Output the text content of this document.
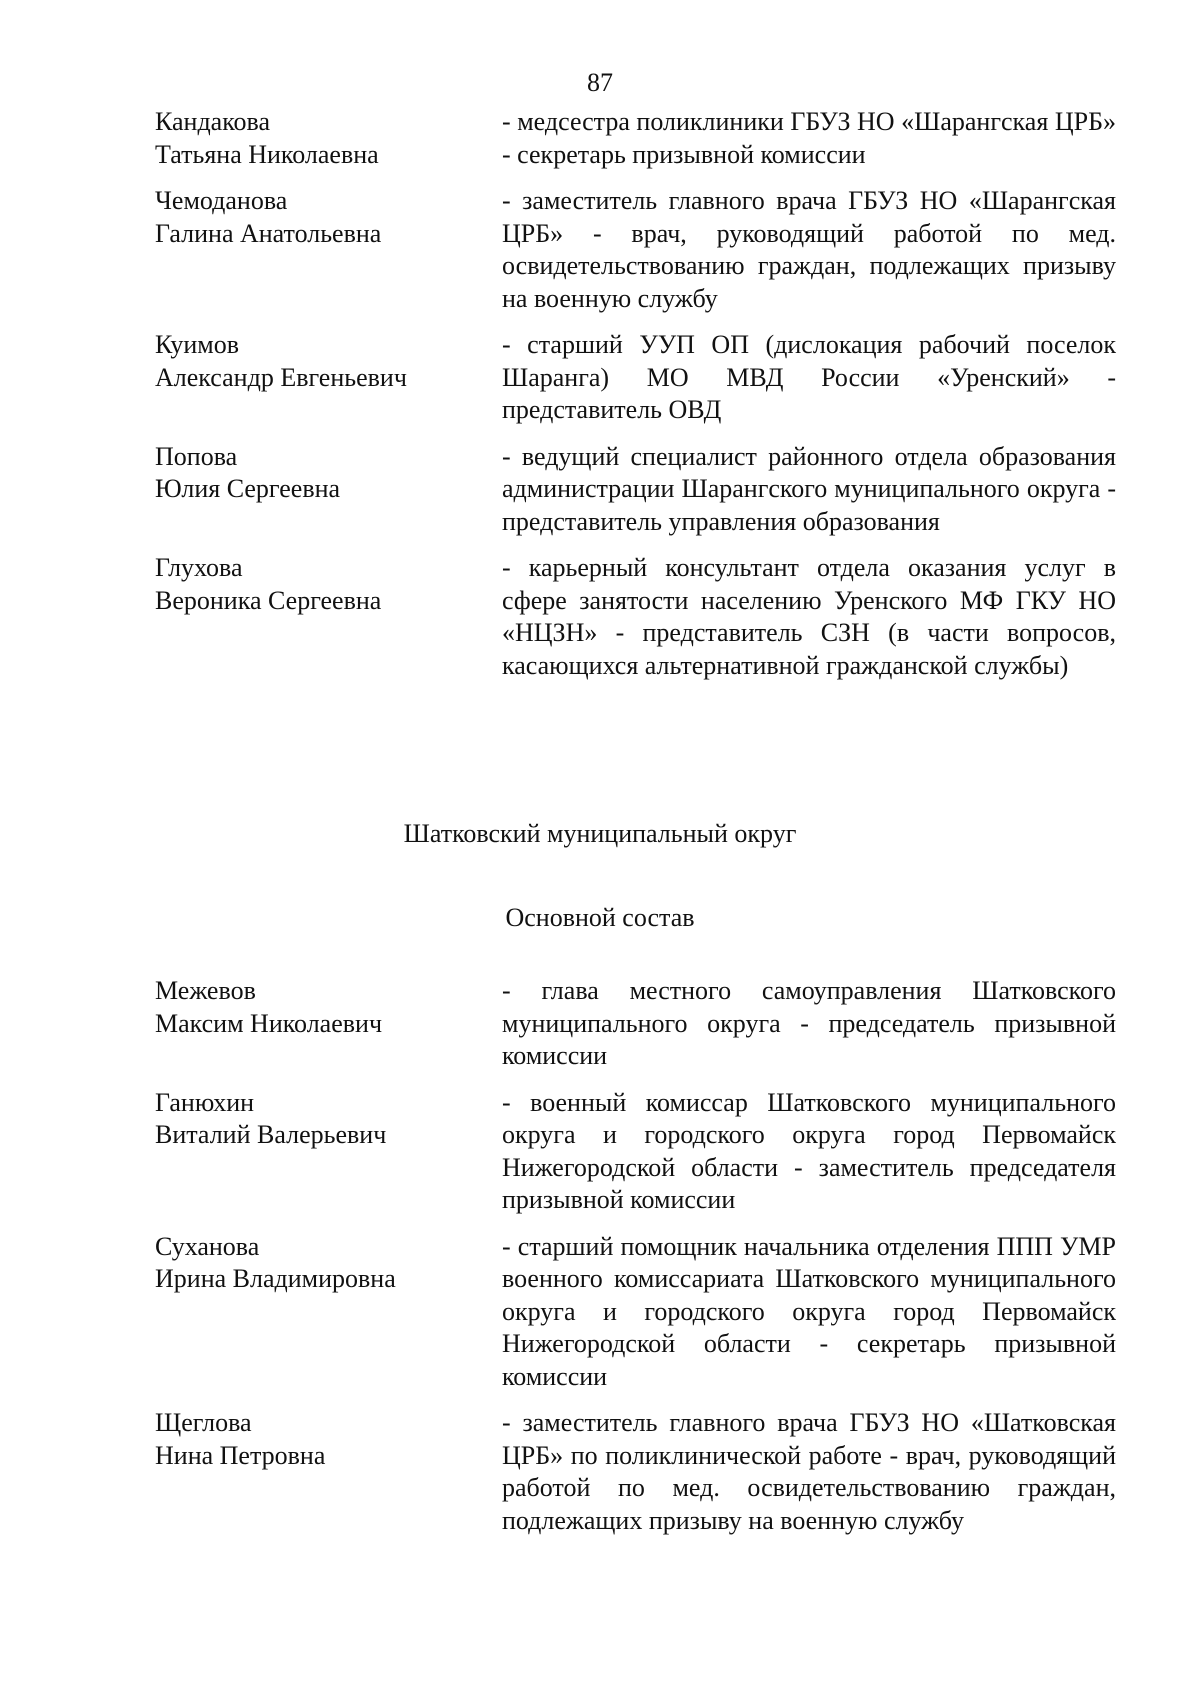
87
Кандакова
Татьяна Николаевна
- медсестра поликлиники ГБУЗ НО «Шарангская ЦРБ» - секретарь призывной комиссии
Чемоданова
Галина Анатольевна
- заместитель главного врача ГБУЗ НО «Шарангская ЦРБ» - врач, руководящий работой по мед. освидетельствованию граждан, подлежащих призыву на военную службу
Куимов
Александр Евгеньевич
- старший УУП ОП (дислокация рабочий поселок Шаранга) МО МВД России «Уренский» - представитель ОВД
Попова
Юлия Сергеевна
- ведущий специалист районного отдела образования администрации Шарангского муниципального округа - представитель управления образования
Глухова
Вероника Сергеевна
- карьерный консультант отдела оказания услуг в сфере занятости населению Уренского МФ ГКУ НО «НЦЗН» - представитель СЗН (в части вопросов, касающихся альтернативной гражданской службы)
Шатковский муниципальный округ
Основной состав
Межевов
Максим Николаевич
- глава местного самоуправления Шатковского муниципального округа - председатель призывной комиссии
Ганюхин
Виталий Валерьевич
- военный комиссар Шатковского муниципального округа и городского округа город Первомайск Нижегородской области - заместитель председателя призывной комиссии
Суханова
Ирина Владимировна
- старший помощник начальника отделения ППП УМР военного комиссариата Шатковского муниципального округа и городского округа город Первомайск Нижегородской области - секретарь призывной комиссии
Щеглова
Нина Петровна
- заместитель главного врача ГБУЗ НО «Шатковская ЦРБ» по поликлинической работе - врач, руководящий работой по мед. освидетельствованию граждан, подлежащих призыву на военную службу
